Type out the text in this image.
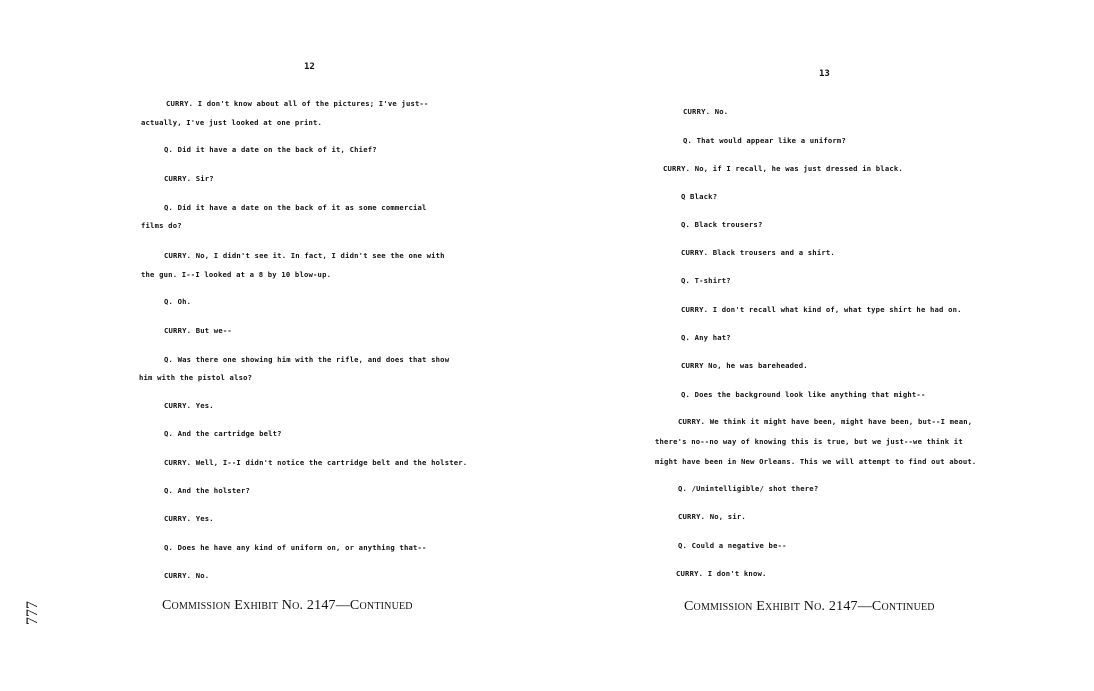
12
CURRY. I don't know about all of the pictures; I've just--
actually, I've just looked at one print.
Q. Did it have a date on the back of it, Chief?
CURRY. Sir?
Q. Did it have a date on the back of it as some commercial
films do?
CURRY. No, I didn't see it. In fact, I didn't see the one with
the gun. I--I looked at a 8 by 10 blow-up.
Q. Oh.
CURRY. But we--
Q. Was there one showing him with the rifle, and does that show
him with the pistol also?
CURRY. Yes.
Q. And the cartridge belt?
CURRY. Well, I--I didn't notice the cartridge belt and the holster.
Q. And the holster?
CURRY. Yes.
Q. Does he have any kind of uniform on, or anything that--
CURRY. No.
Commission Exhibit No. 2147—Continued
13
CURRY. No.
Q. That would appear like a uniform?
CURRY. No, if I recall, he was just dressed in black.
Q Black?
Q. Black trousers?
CURRY. Black trousers and a shirt.
Q. T-shirt?
CURRY. I don't recall what kind of, what type shirt he had on.
Q. Any hat?
CURRY No, he was bareheaded.
Q. Does the background look like anything that might--
CURRY. We think it might have been, might have been, but--I mean,
there's no--no way of knowing this is true, but we just--we think it
might have been in New Orleans. This we will attempt to find out about.
Q. /Unintelligible/ shot there?
CURRY. No, sir.
Q. Could a negative be--
CURRY. I don't know.
Commission Exhibit No. 2147—Continued
777
